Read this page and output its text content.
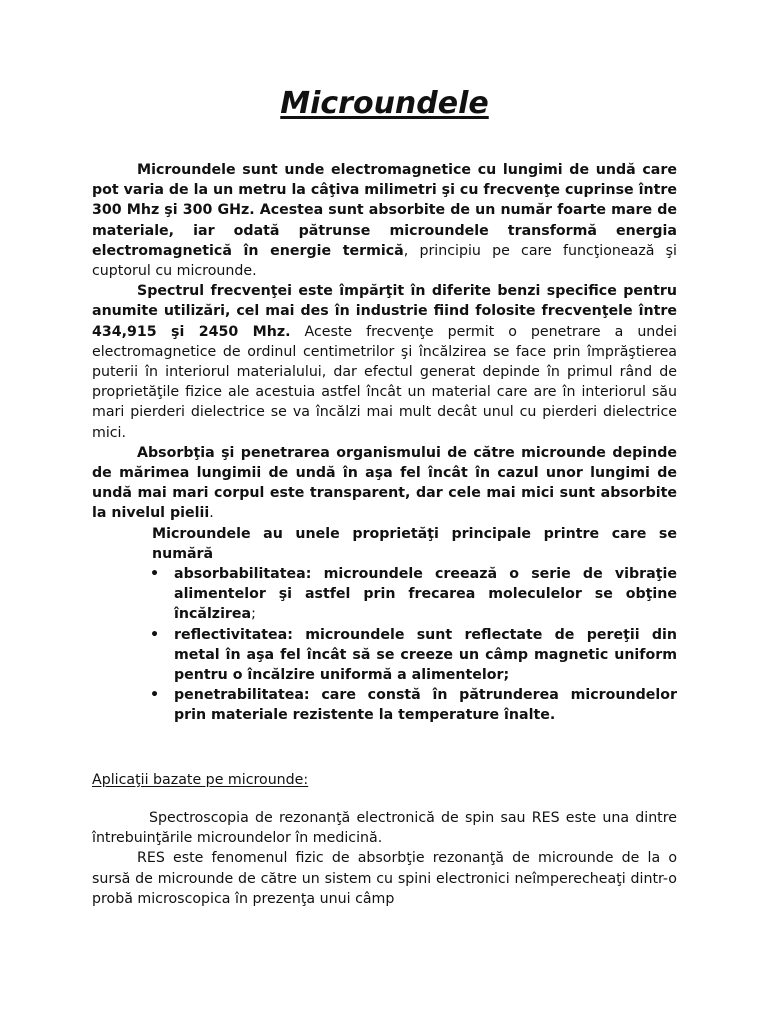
Microundele

Microundele sunt unde electromagnetice cu lungimi de undă care pot varia de la un metru la câţiva milimetri şi cu frecvenţe cuprinse între 300 Mhz şi 300 GHz. Acestea sunt absorbite de un număr foarte mare de materiale, iar odată pătrunse microundele transformă energia electromagnetică în energie termică, principiu pe care funcţionează şi cuptorul cu microunde.

Spectrul frecvenţei este împărţit în diferite benzi specifice pentru anumite utilizări, cel mai des în industrie fiind folosite frecvenţele între 434,915 şi 2450 Mhz. Aceste frecvenţe permit o penetrare a undei electromagnetice de ordinul centimetrilor şi încălzirea se face prin împrăştierea puterii în interiorul materialului, dar efectul generat depinde în primul rând de proprietăţile fizice ale acestuia astfel încât un material care are în interiorul său mari pierderi dielectrice se va încălzi mai mult decât unul cu pierderi dielectrice mici.

Absorbţia şi penetrarea organismului de către microunde depinde de mărimea lungimii de undă în aşa fel încât în cazul unor lungimi de undă mai mari corpul este transparent, dar cele mai mici sunt absorbite la nivelul pielii.

Microundele au unele proprietăţi principale printre care se numără

• absorbabilitatea: microundele creează o serie de vibraţie alimentelor şi astfel prin frecarea moleculelor se obţine încălzirea;
• reflectivitatea: microundele sunt reflectate de pereţii din metal în aşa fel încât să se creeze un câmp magnetic uniform pentru o încălzire uniformă a alimentelor;
• penetrabilitatea: care constă în pătrunderea microundelor prin materiale rezistente la temperature înalte.

Aplicaţii bazate pe microunde:

Spectroscopia de rezonanţă electronică de spin sau RES este una dintre întrebuinţările microundelor în medicină.

RES este fenomenul fizic de absorbţie rezonanţă de microunde de la o sursă de microunde de către un sistem cu spini electronici neîmperecheaţi dintr-o probă microscopica în prezenţa unui câmp
